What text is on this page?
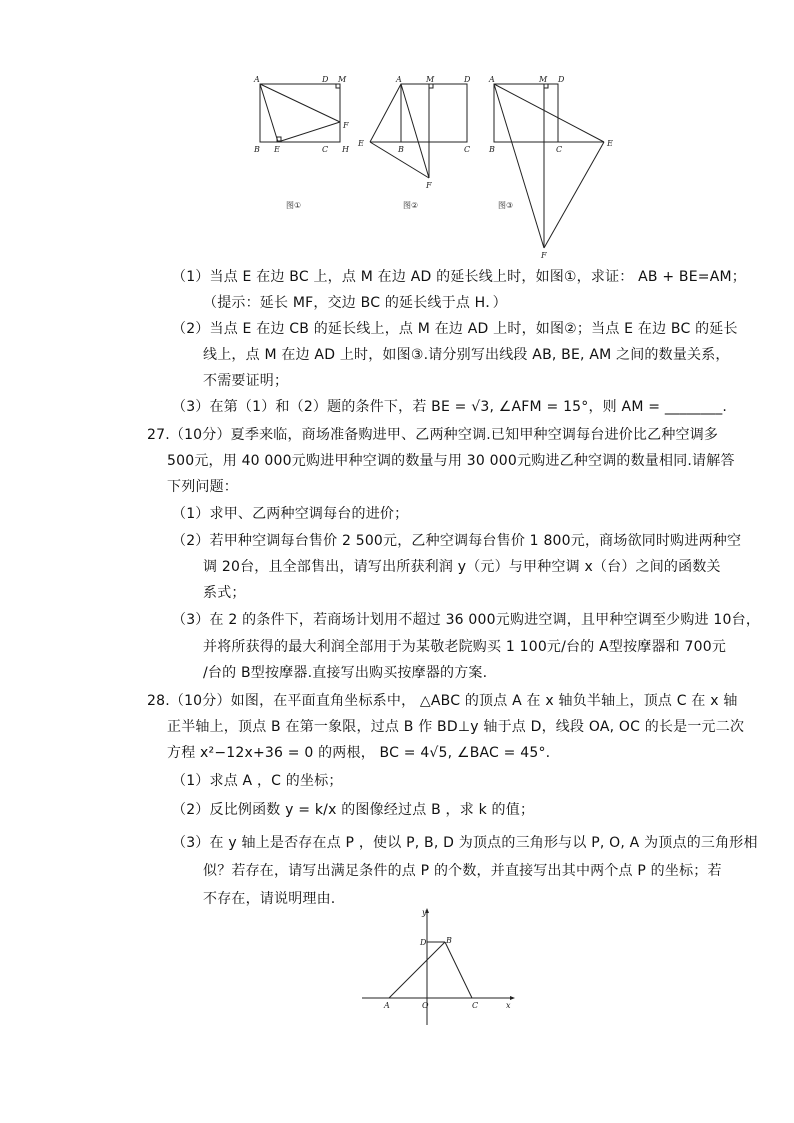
A	D M
B E	C
F
H
图①
A	M	D
E
B	C
F
图②
A	M D
B	C
E
F
图③
（1）当点 E 在边 BC 上，点 M 在边 AD 的延长线上时，如图①，求证： AB + BE=AM；
（提示：延长 MF，交边 BC 的延长线于点 H．）
（2）当点 E 在边 CB 的延长线上，点 M 在边 AD 上时，如图②；当点 E 在边 BC 的延长
线上，点 M 在边 AD 上时，如图③.请分别写出线段 AB, BE, AM 之间的数量关系，
不需要证明；
（3）在第（1）和（2）题的条件下，若 BE = √3, ∠AFM = 15°，则 AM = ________.
27.（10分）夏季来临，商场准备购进甲、乙两种空调.已知甲种空调每台进价比乙种空调多
500元，用 40 000元购进甲种空调的数量与用 30 000元购进乙种空调的数量相同.请解答
下列问题：
（1）求甲、乙两种空调每台的进价；
（2）若甲种空调每台售价 2 500元，乙种空调每台售价 1 800元，商场欲同时购进两种空
调 20台，且全部售出，请写出所获利润 y（元）与甲种空调 x（台）之间的函数关
系式；
（3）在 2 的条件下，若商场计划用不超过 36 000元购进空调，且甲种空调至少购进 10台，
并将所获得的最大利润全部用于为某敬老院购买 1 100元/台的 A型按摩器和 700元
/台的 B型按摩器.直接写出购买按摩器的方案.
28.（10分）如图，在平面直角坐标系中， △ABC 的顶点 A 在 x 轴负半轴上，顶点 C 在 x 轴
正半轴上，顶点 B 在第一象限，过点 B 作 BD⊥y 轴于点 D，线段 OA, OC 的长是一元二次
方程 x²−12x+36 = 0 的两根， BC = 4√5, ∠BAC = 45°.
（1）求点 A ，C 的坐标；
（2）反比例函数 y = k/x 的图像经过点 B ，求 k 的值；
（3）在 y 轴上是否存在点 P ，使以 P, B, D 为顶点的三角形与以 P, O, A 为顶点的三角形相
似？若存在，请写出满足条件的点 P 的个数，并直接写出其中两个点 P 的坐标；若
不存在，请说明理由.
y
D B
A	O	C	x
